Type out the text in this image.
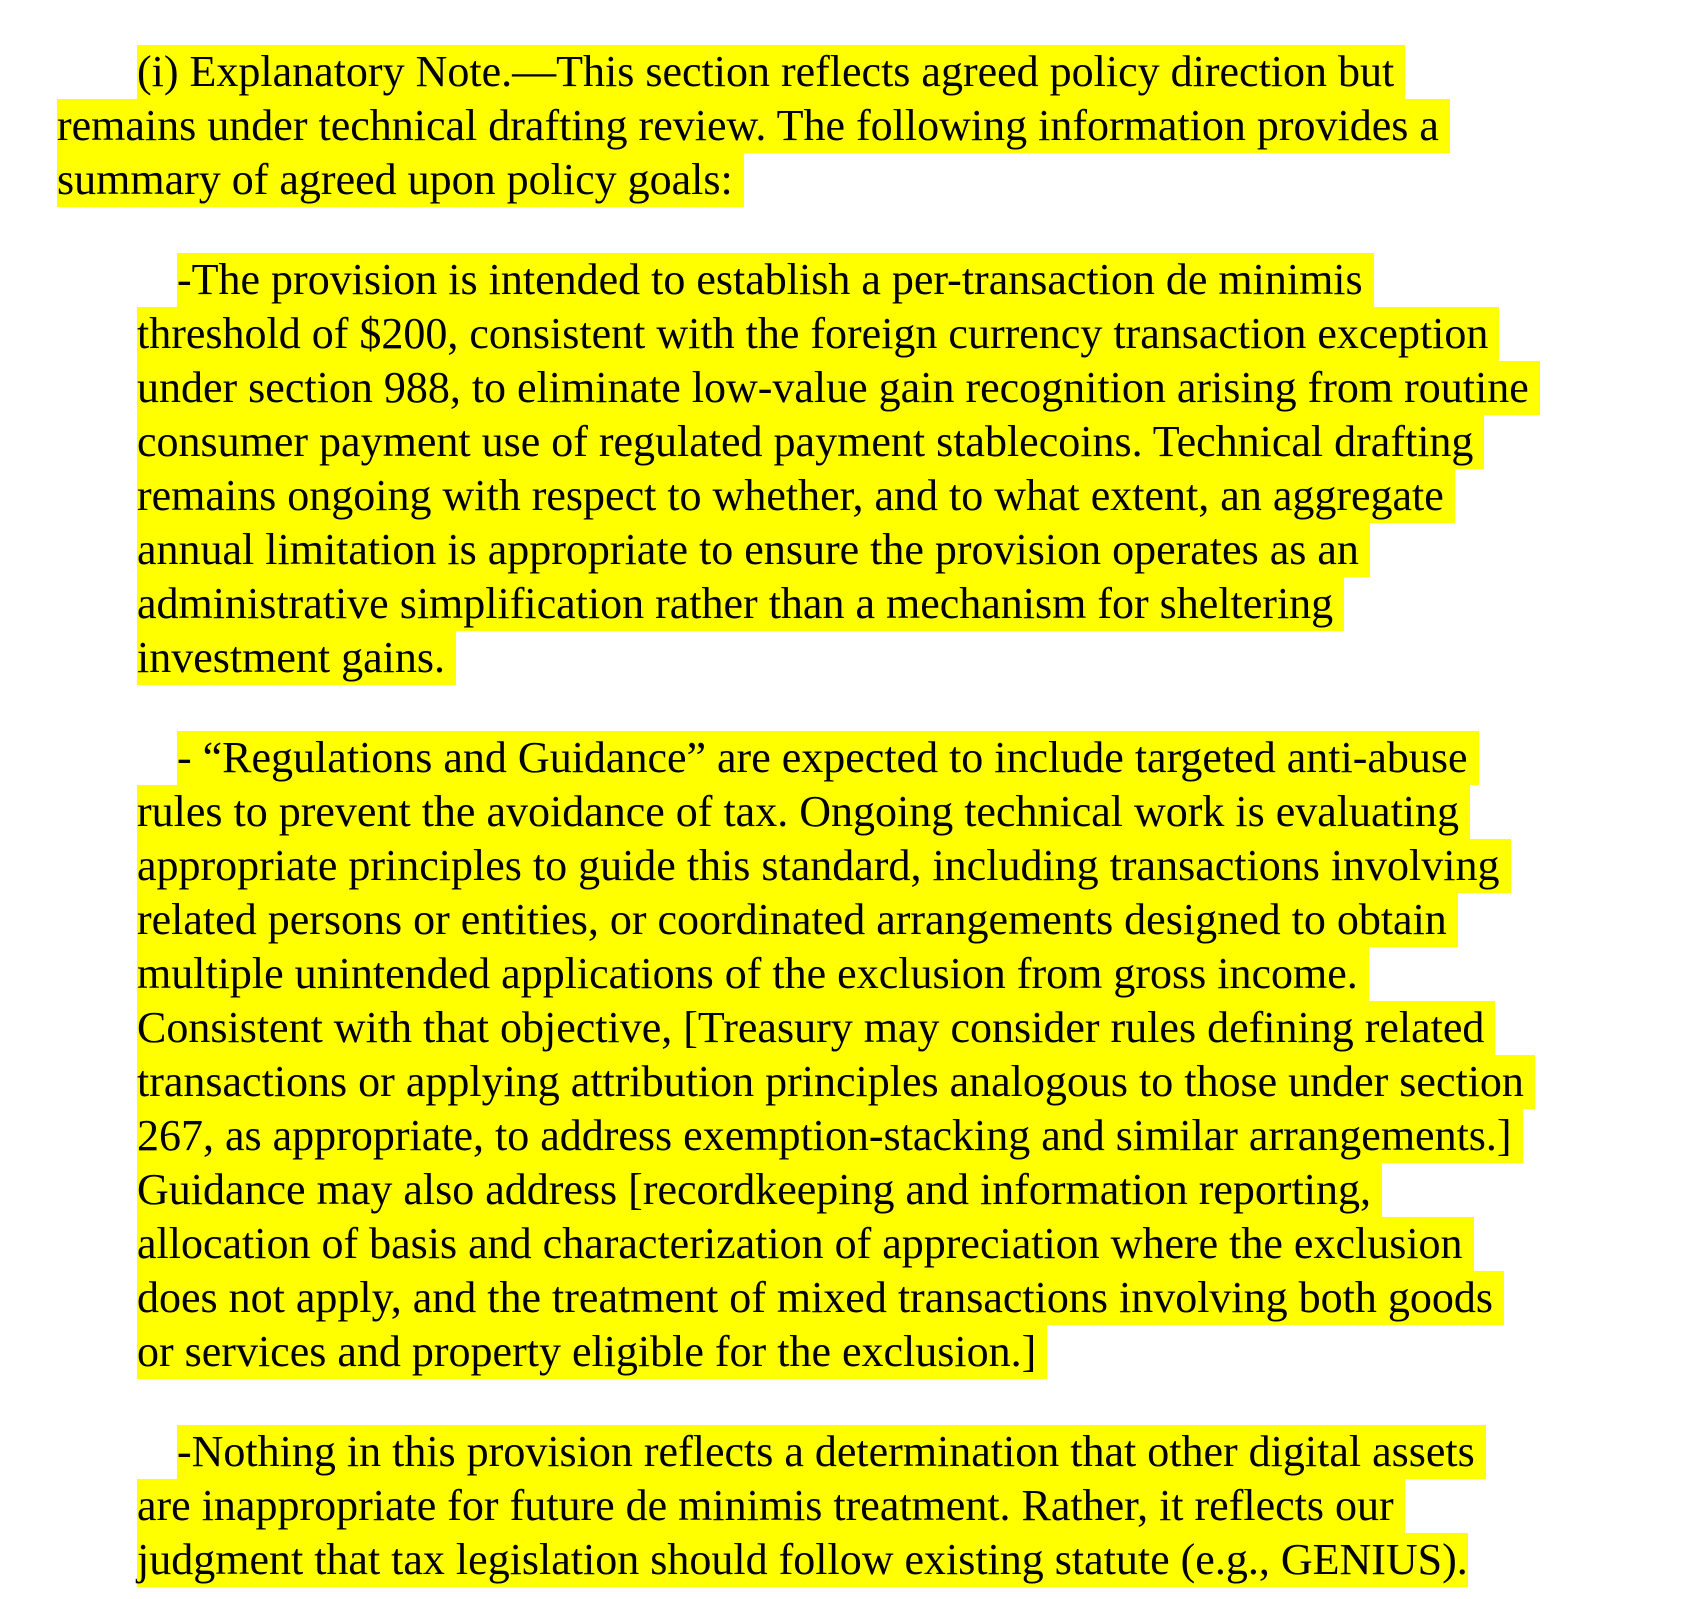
(i) Explanatory Note.—This section reflects agreed policy direction but
remains under technical drafting review. The following information provides a
summary of agreed upon policy goals:
-The provision is intended to establish a per-transaction de minimis
threshold of $200, consistent with the foreign currency transaction exception
under section 988, to eliminate low-value gain recognition arising from routine
consumer payment use of regulated payment stablecoins. Technical drafting
remains ongoing with respect to whether, and to what extent, an aggregate
annual limitation is appropriate to ensure the provision operates as an
administrative simplification rather than a mechanism for sheltering
investment gains.
- “Regulations and Guidance” are expected to include targeted anti-abuse
rules to prevent the avoidance of tax. Ongoing technical work is evaluating
appropriate principles to guide this standard, including transactions involving
related persons or entities, or coordinated arrangements designed to obtain
multiple unintended applications of the exclusion from gross income.
Consistent with that objective, [Treasury may consider rules defining related
transactions or applying attribution principles analogous to those under section
267, as appropriate, to address exemption-stacking and similar arrangements.]
Guidance may also address [recordkeeping and information reporting,
allocation of basis and characterization of appreciation where the exclusion
does not apply, and the treatment of mixed transactions involving both goods
or services and property eligible for the exclusion.]
-Nothing in this provision reflects a determination that other digital assets
are inappropriate for future de minimis treatment. Rather, it reflects our
judgment that tax legislation should follow existing statute (e.g., GENIUS).
